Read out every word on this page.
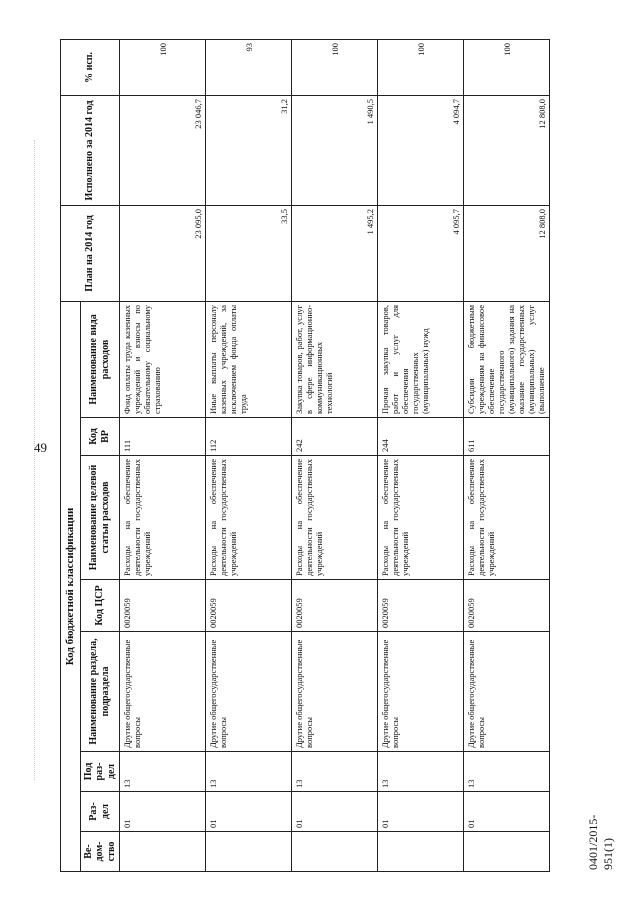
49
Код бюджетной классификации								План на 2014 год	Исполнено за 2014 год	% исп.
Ве-дом-ство	Раз-дел	Под раз-дел	Наименование раздела, подраздела	Код ЦСР	Наименование целевой статьи расходов	Код ВР	Наименование вида расходов			
	01	13	Другие общегосударственные вопросы	0020059	Расходы на обеспечение деятельности государственных учреждений	111	Фонд оплаты труда казенных учреждений и взносы по обязательному социальному страхованию	23 095,0	23 046,7	100
	01	13	Другие общегосударственные вопросы	0020059	Расходы на обеспечение деятельности государственных учреждений	112	Иные выплаты персоналу казенных учреждений, за исключением фонда оплаты труда	33,5	31,2	93
	01	13	Другие общегосударственные вопросы	0020059	Расходы на обеспечение деятельности государственных учреждений	242	Закупка товаров, работ, услуг в сфере информационно-коммуникационных технологий	1 495,2	1 490,5	100
	01	13	Другие общегосударственные вопросы	0020059	Расходы на обеспечение деятельности государственных учреждений	244	Прочая закупка товаров, работ и услуг для обеспечения государственных (муниципальных) нужд	4 095,7	4 094,7	100
	01	13	Другие общегосударственные вопросы	0020059	Расходы на обеспечение деятельности государственных учреждений	611	Субсидии бюджетным учреждениям на финансовое обеспечение государственного (муниципального) задания на оказание государственных (муниципальных) услуг (выполнение	12 808,0	12 808,0	100
0401/2015-951(1)
